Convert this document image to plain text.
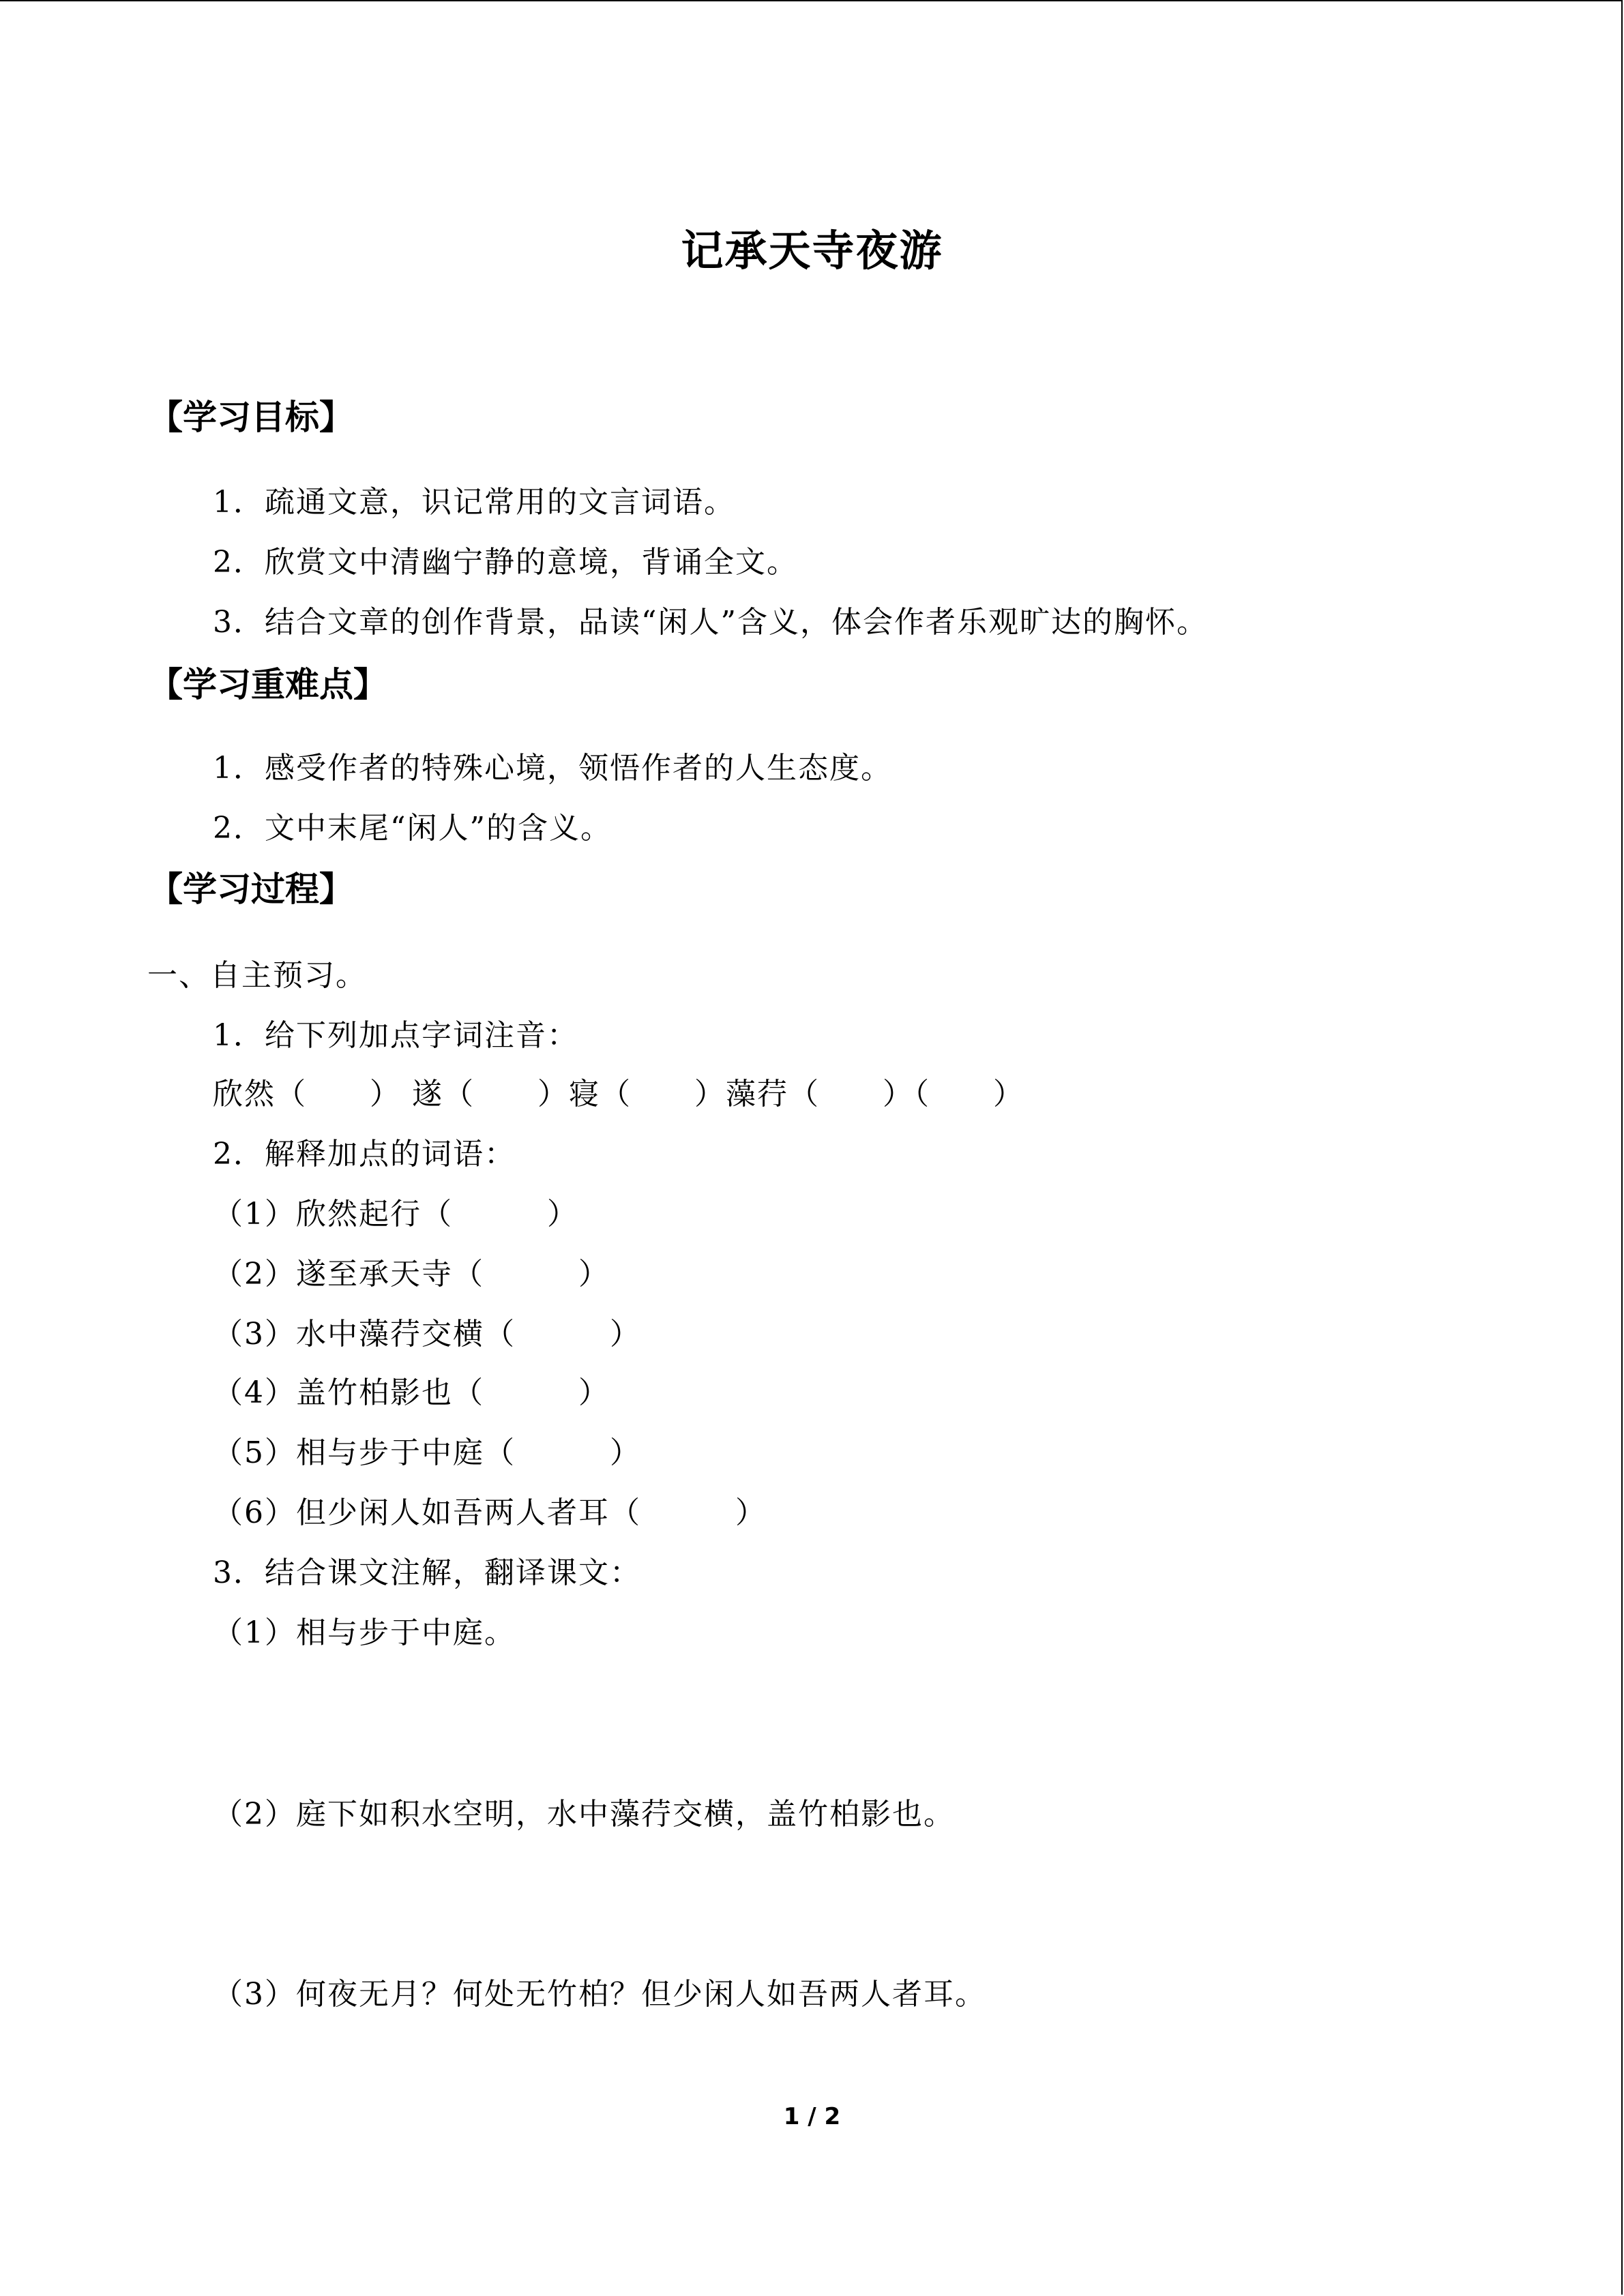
记承天寺夜游
【学习目标】
1．疏通文意，识记常用的文言词语。
2．欣赏文中清幽宁静的意境，背诵全文。
3．结合文章的创作背景，品读“闲人”含义，体会作者乐观旷达的胸怀。
【学习重难点】
1．感受作者的特殊心境，领悟作者的人生态度。
2．文中末尾“闲人”的含义。
【学习过程】
一、自主预习。
1．给下列加点字词注音：
欣然（　　） 遂（　　）寝（　　）藻荇（　　）（　　）
2．解释加点的词语：
（1）欣然起行（　　　）
（2）遂至承天寺（　　　）
（3）水中藻荇交横（　　　）
（4）盖竹柏影也（　　　）
（5）相与步于中庭（　　　）
（6）但少闲人如吾两人者耳（　　　）
3．结合课文注解，翻译课文：
（1）相与步于中庭。
（2）庭下如积水空明，水中藻荇交横，盖竹柏影也。
（3）何夜无月？何处无竹柏？但少闲人如吾两人者耳。
1 / 2
